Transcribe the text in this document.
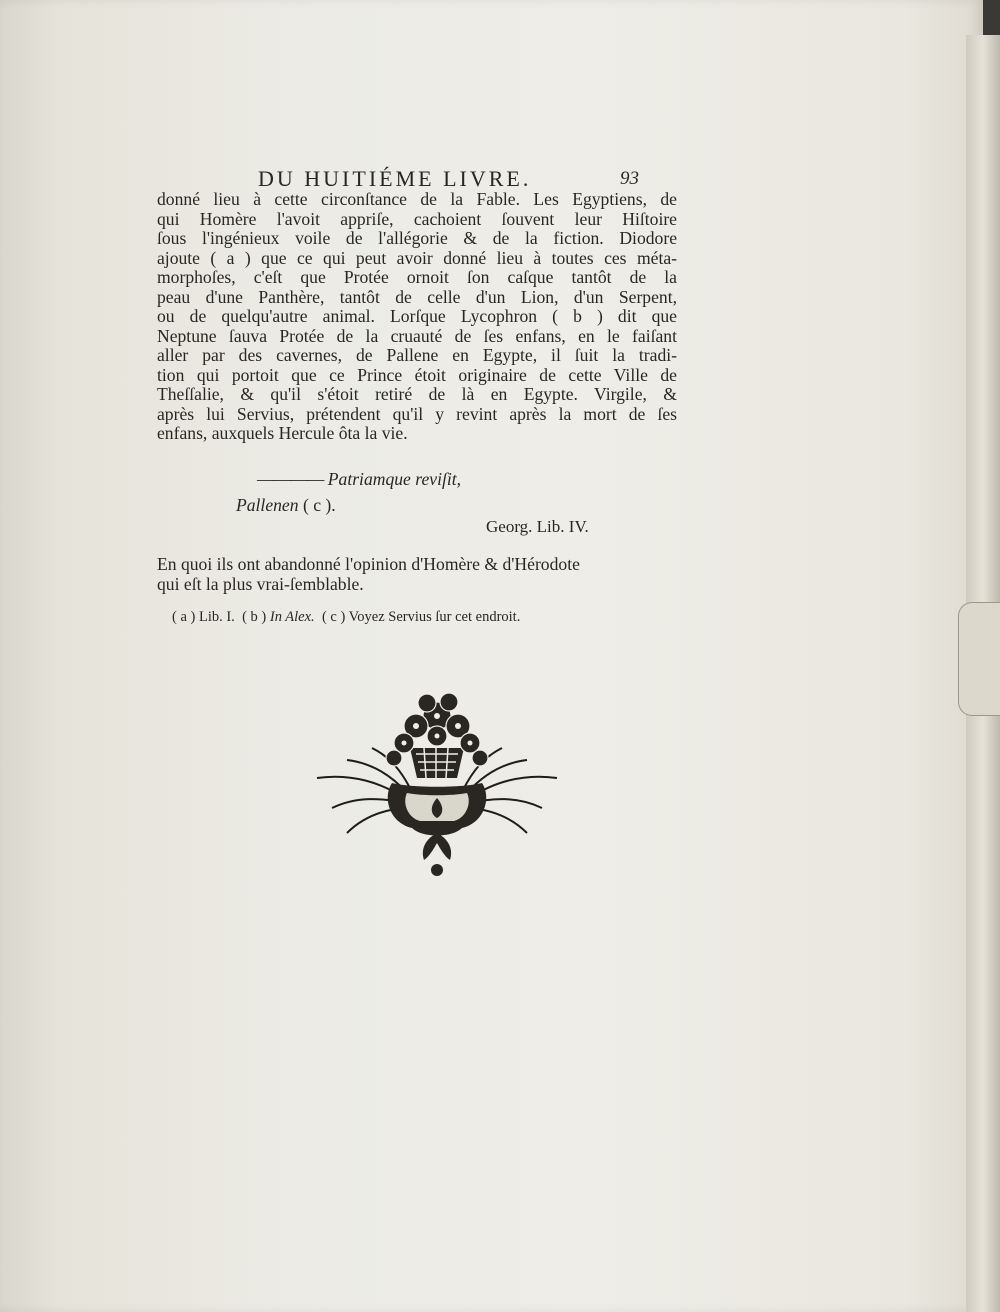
DU HUITIÉME LIVRE.	93
donné lieu à cette circonſtance de la Fable. Les Egyptiens, de
qui Homère l'avoit appriſe, cachoient ſouvent leur Hiſtoire
ſous l'ingénieux voile de l'allégorie & de la fiction. Diodore
ajoute ( a ) que ce qui peut avoir donné lieu à toutes ces méta-
morphoſes, c'eſt que Protée ornoit ſon caſque tantôt de la
peau d'une Panthère, tantôt de celle d'un Lion, d'un Serpent,
ou de quelqu'autre animal. Lorſque Lycophron ( b ) dit que
Neptune ſauva Protée de la cruauté de ſes enfans, en le faiſant
aller par des cavernes, de Pallene en Egypte, il ſuit la tradi-
tion qui portoit que ce Prince étoit originaire de cette Ville de
Theſſalie, & qu'il s'étoit retiré de là en Egypte. Virgile, &
après lui Servius, prétendent qu'il y revint après la mort de ſes
enfans, auxquels Hercule ôta la vie.
———— Patriamque reviſit,
Pallenen ( c ).
Georg. Lib. IV.
En quoi ils ont abandonné l'opinion d'Homère & d'Hérodote
qui eſt la plus vrai-ſemblable.
( a ) Lib. I. ( b ) In Alex. ( c ) Voyez Servius ſur cet endroit.
